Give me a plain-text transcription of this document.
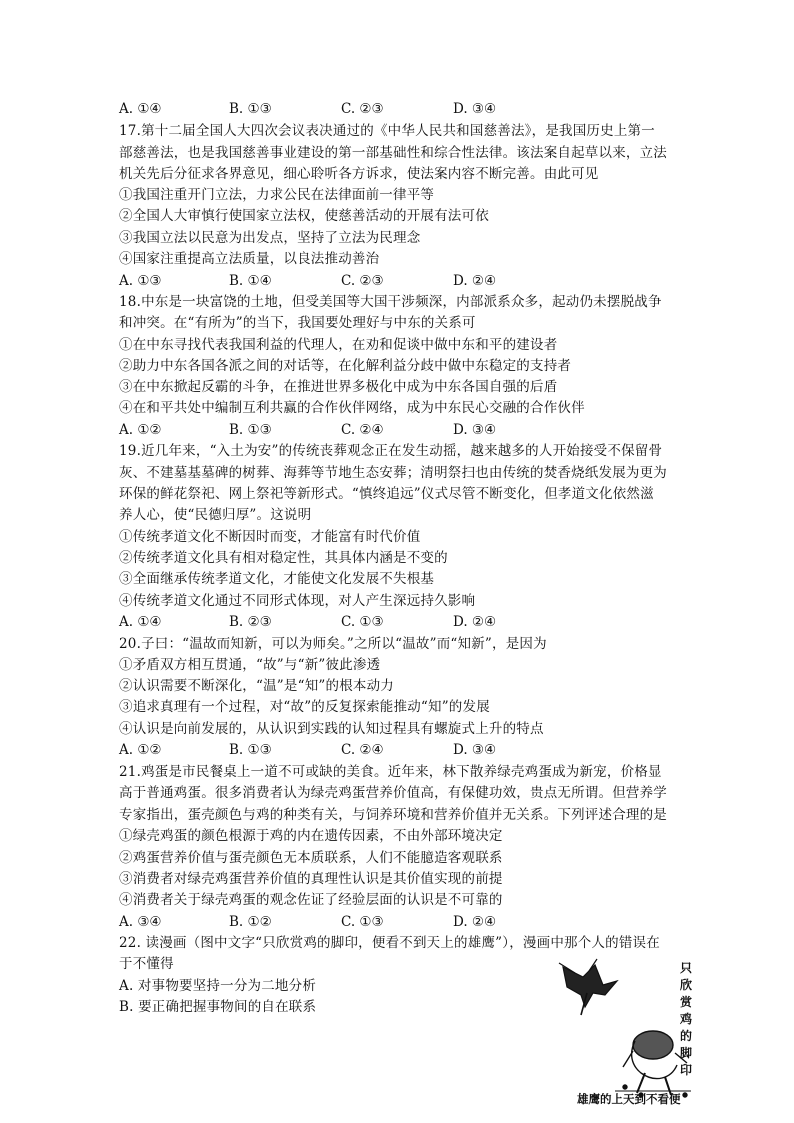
A. ①④	B. ①③	C. ②③	D. ③④
17.第十二届全国人大四次会议表决通过的《中华人民共和国慈善法》，是我国历史上第一
部慈善法，也是我国慈善事业建设的第一部基础性和综合性法律。该法案自起草以来，立法
机关先后分征求各界意见，细心聆听各方诉求，使法案内容不断完善。由此可见
①我国注重开门立法，力求公民在法律面前一律平等
②全国人大审慎行使国家立法权，使慈善活动的开展有法可依
③我国立法以民意为出发点，坚持了立法为民理念
④国家注重提高立法质量，以良法推动善治
A. ①③	B. ①④	C. ②③	D. ②④
18.中东是一块富饶的土地，但受美国等大国干涉频深，内部派系众多，起动仍未摆脱战争
和冲突。在“有所为”的当下，我国要处理好与中东的关系可
①在中东寻找代表我国利益的代理人，在劝和促谈中做中东和平的建设者
②助力中东各国各派之间的对话等，在化解利益分歧中做中东稳定的支持者
③在中东掀起反霸的斗争，在推进世界多极化中成为中东各国自强的后盾
④在和平共处中编制互利共赢的合作伙伴网络，成为中东民心交融的合作伙伴
A. ①②	B. ①③	C. ②④	D. ③④
19.近几年来，“入土为安”的传统丧葬观念正在发生动摇，越来越多的人开始接受不保留骨
灰、不建墓基墓碑的树葬、海葬等节地生态安葬；清明祭扫也由传统的焚香烧纸发展为更为
环保的鲜花祭祀、网上祭祀等新形式。“慎终追远”仪式尽管不断变化，但孝道文化依然滋
养人心，使“民德归厚”。这说明
①传统孝道文化不断因时而变，才能富有时代价值
②传统孝道文化具有相对稳定性，其具体内涵是不变的
③全面继承传统孝道文化，才能使文化发展不失根基
④传统孝道文化通过不同形式体现，对人产生深远持久影响
A. ①④	B. ②③	C. ①③	D. ②④
20.子曰：“温故而知新，可以为师矣。”之所以“温故”而“知新”，是因为
①矛盾双方相互贯通，“故”与“新”彼此渗透
②认识需要不断深化，“温”是“知”的根本动力
③追求真理有一个过程，对“故”的反复探索能推动“知”的发展
④认识是向前发展的，从认识到实践的认知过程具有螺旋式上升的特点
A. ①②	B. ①③	C. ②④	D. ③④
21.鸡蛋是市民餐桌上一道不可或缺的美食。近年来，林下散养绿壳鸡蛋成为新宠，价格显
高于普通鸡蛋。很多消费者认为绿壳鸡蛋营养价值高，有保健功效，贵点无所谓。但营养学
专家指出，蛋壳颜色与鸡的种类有关，与饲养环境和营养价值并无关系。下列评述合理的是
①绿壳鸡蛋的颜色根源于鸡的内在遗传因素，不由外部环境决定
②鸡蛋营养价值与蛋壳颜色无本质联系，人们不能臆造客观联系
③消费者对绿壳鸡蛋营养价值的真理性认识是其价值实现的前提
④消费者关于绿壳鸡蛋的观念佐证了经验层面的认识是不可靠的
A. ③④	B. ①②	C. ①③	D. ②④
22. 读漫画（图中文字“只欣赏鸡的脚印，便看不到天上的雄鹰”），漫画中那个人的错误在
于不懂得
A. 对事物要坚持一分为二地分析
B. 要正确把握事物间的自在联系
只欣赏鸡的脚印
雄鹰的上天到不看便
